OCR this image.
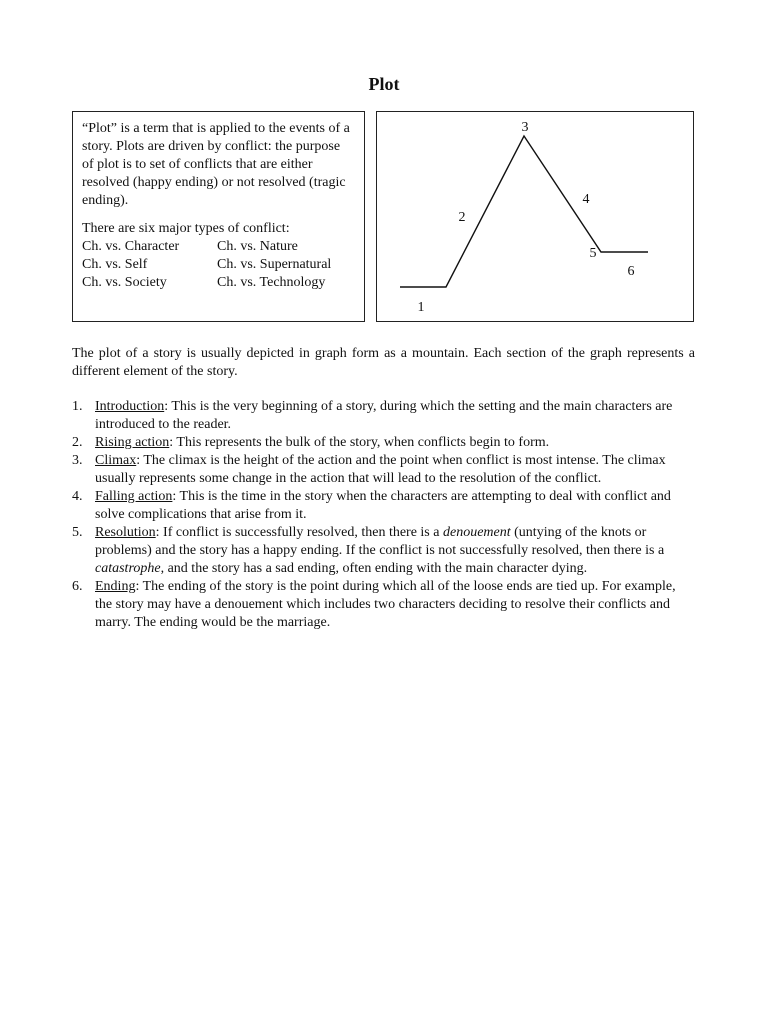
Plot

“Plot” is a term that is applied to the events of a story. Plots are driven by conflict: the purpose of plot is to set of conflicts that are either resolved (happy ending) or not resolved (tragic ending).

There are six major types of conflict:

Ch. vs. Character	Ch. vs. Nature
Ch. vs. Self	Ch. vs. Supernatural
Ch. vs. Society	Ch. vs. Technology
1
2
3
4
5
6

The plot of a story is usually depicted in graph form as a mountain. Each section of the graph represents a different element of the story.

1. Introduction: This is the very beginning of a story, during which the setting and the main characters are introduced to the reader.
2. Rising action: This represents the bulk of the story, when conflicts begin to form.
3. Climax: The climax is the height of the action and the point when conflict is most intense. The climax usually represents some change in the action that will lead to the resolution of the conflict.
4. Falling action: This is the time in the story when the characters are attempting to deal with conflict and solve complications that arise from it.
5. Resolution: If conflict is successfully resolved, then there is a denouement (untying of the knots or problems) and the story has a happy ending. If the conflict is not successfully resolved, then there is a catastrophe, and the story has a sad ending, often ending with the main character dying.
6. Ending: The ending of the story is the point during which all of the loose ends are tied up. For example, the story may have a denouement which includes two characters deciding to resolve their conflicts and marry. The ending would be the marriage.
